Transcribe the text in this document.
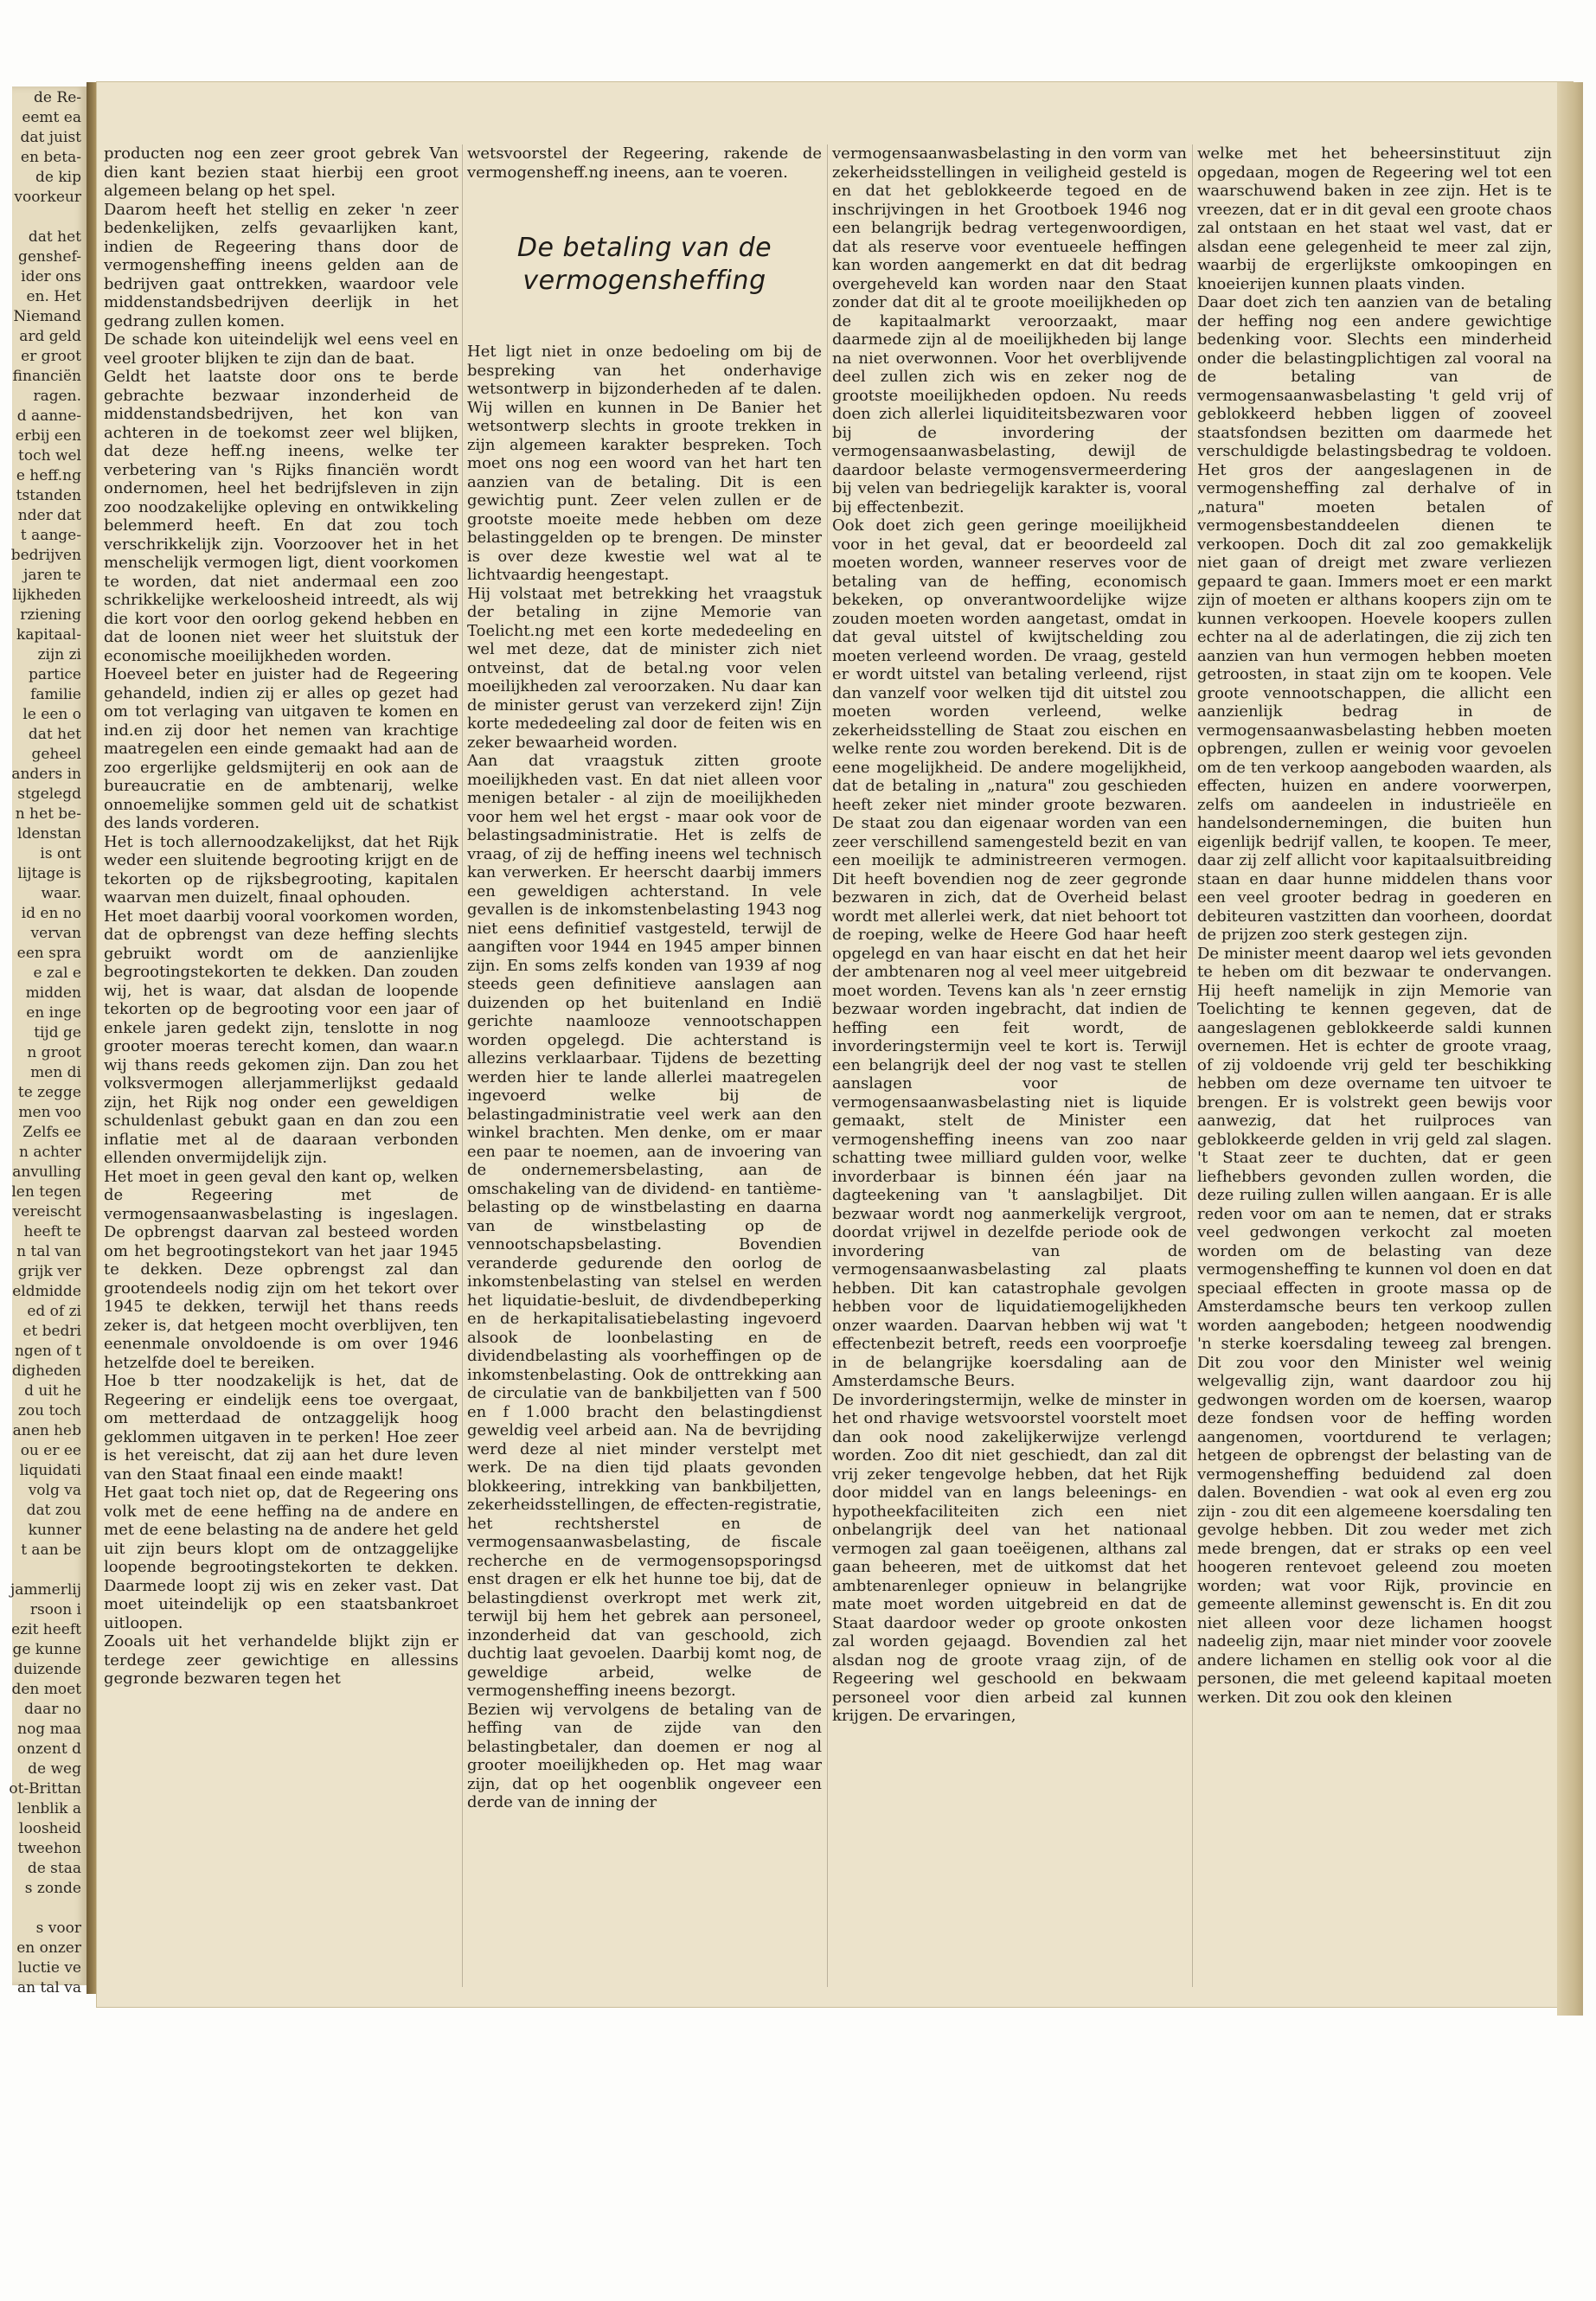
de Re-
eemt ea
dat juist
en beta-
de kip
voorkeur
dat het
genshef-
ider ons
en. Het
Niemand
ard geld
er groot
financiën
ragen.
d aanne-
erbij een
toch wel
e heff.ng
tstanden
nder dat
t aange-
bedrijven
jaren te
lijkheden
rziening
kapitaal-
zijn zi
partice
familie
le een o
dat het
geheel
anders in
stgelegd
n het be-
ldenstan
is ont
lijtage is
waar.
id en no
vervan
een spra
e zal e
midden
en inge
tijd ge
n groot
men di
te zegge
men voo
Zelfs ee
n achter
anvulling
len tegen
vereischt
heeft te
n tal van
grijk ver
eldmidde
ed of zi
et bedri
ngen of t
digheden
d uit he
zou toch
anen heb
ou er ee
liquidati
volg va
dat zou
kunner
t aan be
jammerlij
rsoon i
ezit heeft
ge kunne
duizende
den moet
daar no
nog maa
onzent d
de weg
ot-Brittan
lenblik a
loosheid
tweehon
de staa
s zonde
s voor
en onzer
luctie ve
an tal va

producten nog een zeer groot gebrek Van dien kant bezien staat hierbij een groot algemeen belang op het spel.

Daarom heeft het stellig en zeker 'n zeer bedenkelijken, zelfs gevaarlijken kant, indien de Regeering thans door de vermogensheffing ineens gelden aan de bedrijven gaat onttrekken, waardoor vele middenstandsbedrijven deerlijk in het gedrang zullen komen.

De schade kon uiteindelijk wel eens veel en veel grooter blijken te zijn dan de baat.

Geldt het laatste door ons te berde gebrachte bezwaar inzonderheid de middenstandsbedrijven, het kon van achteren in de toekomst zeer wel blijken, dat deze heff.ng ineens, welke ter verbetering van 's Rijks financiën wordt ondernomen, heel het bedrijfsleven in zijn zoo noodzakelijke opleving en ontwikkeling belemmerd heeft. En dat zou toch verschrikkelijk zijn. Voorzoover het in het menschelijk vermogen ligt, dient voorkomen te worden, dat niet andermaal een zoo schrikkelijke werkeloosheid intreedt, als wij die kort voor den oorlog gekend hebben en dat de loonen niet weer het sluitstuk der economische moeilijkheden worden.

Hoeveel beter en juister had de Regeering gehandeld, indien zij er alles op gezet had om tot verlaging van uitgaven te komen en ind.en zij door het nemen van krachtige maatregelen een einde gemaakt had aan de zoo ergerlijke geldsmijterij en ook aan de bureaucratie en de ambtenarij, welke onnoemelijke sommen geld uit de schatkist des lands vorderen.

Het is toch allernoodzakelijkst, dat het Rijk weder een sluitende begrooting krijgt en de tekorten op de rijksbegrooting, kapitalen waarvan men duizelt, finaal ophouden.

Het moet daarbij vooral voorkomen worden, dat de opbrengst van deze heffing slechts gebruikt wordt om de aanzienlijke begrootingstekorten te dekken. Dan zouden wij, het is waar, dat alsdan de loopende tekorten op de begrooting voor een jaar of enkele jaren gedekt zijn, tenslotte in nog grooter moeras terecht komen, dan waar.n wij thans reeds gekomen zijn. Dan zou het volksvermogen allerjammerlijkst gedaald zijn, het Rijk nog onder een geweldigen schuldenlast gebukt gaan en dan zou een inflatie met al de daaraan verbonden ellenden onvermijdelijk zijn.

Het moet in geen geval den kant op, welken de Regeering met de vermogensaanwasbelasting is ingeslagen. De opbrengst daarvan zal besteed worden om het begrootingstekort van het jaar 1945 te dekken. Deze opbrengst zal dan grootendeels nodig zijn om het tekort over 1945 te dekken, terwijl het thans reeds zeker is, dat hetgeen mocht overblijven, ten eenenmale onvoldoende is om over 1946 hetzelfde doel te bereiken.

Hoe b tter noodzakelijk is het, dat de Regeering er eindelijk eens toe overgaat, om metterdaad de ontzaggelijk hoog geklommen uitgaven in te perken! Hoe zeer is het vereischt, dat zij aan het dure leven van den Staat finaal een einde maakt!

Het gaat toch niet op, dat de Regeering ons volk met de eene heffing na de andere en met de eene belasting na de andere het geld uit zijn beurs klopt om de ontzaggelijke loopende begrootingstekorten te dekken. Daarmede loopt zij wis en zeker vast. Dat moet uiteindelijk op een staatsbankroet uitloopen.

Zooals uit het verhandelde blijkt zijn er terdege zeer gewichtige en allessins gegronde bezwaren tegen het

wetsvoorstel der Regeering, rakende de vermogensheff.ng ineens, aan te voeren.

De betaling van de vermogensheffing

Het ligt niet in onze bedoeling om bij de bespreking van het onderhavige wetsontwerp in bijzonderheden af te dalen. Wij willen en kunnen in De Banier het wetsontwerp slechts in groote trekken in zijn algemeen karakter bespreken. Toch moet ons nog een woord van het hart ten aanzien van de betaling. Dit is een gewichtig punt. Zeer velen zullen er de grootste moeite mede hebben om deze belastinggelden op te brengen. De minster is over deze kwestie wel wat al te lichtvaardig heengestapt.

Hij volstaat met betrekking het vraagstuk der betaling in zijne Memorie van Toelicht.ng met een korte mededeeling en wel met deze, dat de minister zich niet ontveinst, dat de betal.ng voor velen moeilijkheden zal veroorzaken. Nu daar kan de minister gerust van verzekerd zijn! Zijn korte mededeeling zal door de feiten wis en zeker bewaarheid worden.

Aan dat vraagstuk zitten groote moeilijkheden vast. En dat niet alleen voor menigen betaler - al zijn de moeilijkheden voor hem wel het ergst - maar ook voor de belastingsadministratie. Het is zelfs de vraag, of zij de heffing ineens wel technisch kan verwerken. Er heerscht daarbij immers een geweldigen achterstand. In vele gevallen is de inkomstenbelasting 1943 nog niet eens definitief vastgesteld, terwijl de aangiften voor 1944 en 1945 amper binnen zijn. En soms zelfs konden van 1939 af nog steeds geen definitieve aanslagen aan duizenden op het buitenland en Indië gerichte naamlooze vennootschappen worden opgelegd. Die achterstand is allezins verklaarbaar. Tijdens de bezetting werden hier te lande allerlei maatregelen ingevoerd welke bij de belastingadministratie veel werk aan den winkel brachten. Men denke, om er maar een paar te noemen, aan de invoering van de ondernemersbelasting, aan de omschakeling van de dividend- en tantième-belasting op de winstbelasting en daarna van de winstbelasting op de vennootschapsbelasting. Bovendien veranderde gedurende den oorlog de inkomstenbelasting van stelsel en werden het liquidatie-besluit, de divdendbeperking en de herkapitalisatiebelasting ingevoerd alsook de loonbelasting en de dividendbelasting als voorheffingen op de inkomstenbelasting. Ook de onttrekking aan de circulatie van de bankbiljetten van f 500 en f 1.000 bracht den belastingdienst geweldig veel arbeid aan. Na de bevrijding werd deze al niet minder verstelpt met werk. De na dien tijd plaats gevonden blokkeering, intrekking van bankbiljetten, zekerheidsstellingen, de effecten-registratie, het rechtsherstel en de vermogensaanwasbelasting, de fiscale recherche en de vermogensopsporingsd enst dragen er elk het hunne toe bij, dat de belastingdienst overkropt met werk zit, terwijl bij hem het gebrek aan personeel, inzonderheid dat van geschoold, zich duchtig laat gevoelen. Daarbij komt nog, de geweldige arbeid, welke de vermogensheffing ineens bezorgt.

Bezien wij vervolgens de betaling van de heffing van de zijde van den belastingbetaler, dan doemen er nog al grooter moeilijkheden op. Het mag waar zijn, dat op het oogenblik ongeveer een derde van de inning der

vermogensaanwasbelasting in den vorm van zekerheidsstellingen in veiligheid gesteld is en dat het geblokkeerde tegoed en de inschrijvingen in het Grootboek 1946 nog een belangrijk bedrag vertegenwoordigen, dat als reserve voor eventueele heffingen kan worden aangemerkt en dat dit bedrag overgeheveld kan worden naar den Staat zonder dat dit al te groote moeilijkheden op de kapitaalmarkt veroorzaakt, maar daarmede zijn al de moeilijkheden bij lange na niet overwonnen. Voor het overblijvende deel zullen zich wis en zeker nog de grootste moeilijkheden opdoen. Nu reeds doen zich allerlei liquiditeitsbezwaren voor bij de invordering der vermogensaanwasbelasting, dewijl de daardoor belaste vermogensvermeerdering bij velen van bedriegelijk karakter is, vooral bij effectenbezit.

Ook doet zich geen geringe moeilijkheid voor in het geval, dat er beoordeeld zal moeten worden, wanneer reserves voor de betaling van de heffing, economisch bekeken, op onverantwoordelijke wijze zouden moeten worden aangetast, omdat in dat geval uitstel of kwijtschelding zou moeten verleend worden. De vraag, gesteld er wordt uitstel van betaling verleend, rijst dan vanzelf voor welken tijd dit uitstel zou moeten worden verleend, welke zekerheidsstelling de Staat zou eischen en welke rente zou worden berekend. Dit is de eene mogelijkheid. De andere mogelijkheid, dat de betaling in „natura" zou geschieden heeft zeker niet minder groote bezwaren. De staat zou dan eigenaar worden van een zeer verschillend samengesteld bezit en van een moeilijk te administreeren vermogen. Dit heeft bovendien nog de zeer gegronde bezwaren in zich, dat de Overheid belast wordt met allerlei werk, dat niet behoort tot de roeping, welke de Heere God haar heeft opgelegd en van haar eischt en dat het heir der ambtenaren nog al veel meer uitgebreid moet worden. Tevens kan als 'n zeer ernstig bezwaar worden ingebracht, dat indien de heffing een feit wordt, de invorderingstermijn veel te kort is. Terwijl een belangrijk deel der nog vast te stellen aanslagen voor de vermogensaanwasbelasting niet is liquide gemaakt, stelt de Minister een vermogensheffing ineens van zoo naar schatting twee milliard gulden voor, welke invorderbaar is binnen één jaar na dagteekening van 't aanslagbiljet. Dit bezwaar wordt nog aanmerkelijk vergroot, doordat vrijwel in dezelfde periode ook de invordering van de vermogensaanwasbelasting zal plaats hebben. Dit kan catastrophale gevolgen hebben voor de liquidatiemogelijkheden onzer waarden. Daarvan hebben wij wat 't effectenbezit betreft, reeds een voorproefje in de belangrijke koersdaling aan de Amsterdamsche Beurs.

De invorderingstermijn, welke de minster in het ond rhavige wetsvoorstel voorstelt moet dan ook nood zakelijkerwijze verlengd worden. Zoo dit niet geschiedt, dan zal dit vrij zeker tengevolge hebben, dat het Rijk door middel van en langs beleenings- en hypotheekfaciliteiten zich een niet onbelangrijk deel van het nationaal vermogen zal gaan toeëigenen, althans zal gaan beheeren, met de uitkomst dat het ambtenarenleger opnieuw in belangrijke mate moet worden uitgebreid en dat de Staat daardoor weder op groote onkosten zal worden gejaagd. Bovendien zal het alsdan nog de groote vraag zijn, of de Regeering wel geschoold en bekwaam personeel voor dien arbeid zal kunnen krijgen. De ervaringen,

welke met het beheersinstituut zijn opgedaan, mogen de Regeering wel tot een waarschuwend baken in zee zijn. Het is te vreezen, dat er in dit geval een groote chaos zal ontstaan en het staat wel vast, dat er alsdan eene gelegenheid te meer zal zijn, waarbij de ergerlijkste omkoopingen en knoeierijen kunnen plaats vinden.

Daar doet zich ten aanzien van de betaling der heffing nog een andere gewichtige bedenking voor. Slechts een minderheid onder die belastingplichtigen zal vooral na de betaling van de vermogensaanwasbelasting 't geld vrij of geblokkeerd hebben liggen of zooveel staatsfondsen bezitten om daarmede het verschuldigde belastingsbedrag te voldoen. Het gros der aangeslagenen in de vermogensheffing zal derhalve of in „natura" moeten betalen of vermogensbestanddeelen dienen te verkoopen. Doch dit zal zoo gemakkelijk niet gaan of dreigt met zware verliezen gepaard te gaan. Immers moet er een markt zijn of moeten er althans koopers zijn om te kunnen verkoopen. Hoevele koopers zullen echter na al de aderlatingen, die zij zich ten aanzien van hun vermogen hebben moeten getroosten, in staat zijn om te koopen. Vele groote vennootschappen, die allicht een aanzienlijk bedrag in de vermogensaanwasbelasting hebben moeten opbrengen, zullen er weinig voor gevoelen om de ten verkoop aangeboden waarden, als effecten, huizen en andere voorwerpen, zelfs om aandeelen in industrieële en handelsondernemingen, die buiten hun eigenlijk bedrijf vallen, te koopen. Te meer, daar zij zelf allicht voor kapitaalsuitbreiding staan en daar hunne middelen thans voor een veel grooter bedrag in goederen en debiteuren vastzitten dan voorheen, doordat de prijzen zoo sterk gestegen zijn.

De minister meent daarop wel iets gevonden te heben om dit bezwaar te ondervangen. Hij heeft namelijk in zijn Memorie van Toelichting te kennen gegeven, dat de aangeslagenen geblokkeerde saldi kunnen overnemen. Het is echter de groote vraag, of zij voldoende vrij geld ter beschikking hebben om deze overname ten uitvoer te brengen. Er is volstrekt geen bewijs voor aanwezig, dat het ruilproces van geblokkeerde gelden in vrij geld zal slagen. 't Staat zeer te duchten, dat er geen liefhebbers gevonden zullen worden, die deze ruiling zullen willen aangaan. Er is alle reden voor om aan te nemen, dat er straks veel gedwongen verkocht zal moeten worden om de belasting van deze vermogensheffing te kunnen vol doen en dat speciaal effecten in groote massa op de Amsterdamsche beurs ten verkoop zullen worden aangeboden; hetgeen noodwendig 'n sterke koersdaling teweeg zal brengen. Dit zou voor den Minister wel weinig welgevallig zijn, want daardoor zou hij gedwongen worden om de koersen, waarop deze fondsen voor de heffing worden aangenomen, voortdurend te verlagen; hetgeen de opbrengst der belasting van de vermogensheffing beduidend zal doen dalen. Bovendien - wat ook al even erg zou zijn - zou dit een algemeene koersdaling ten gevolge hebben. Dit zou weder met zich mede brengen, dat er straks op een veel hoogeren rentevoet geleend zou moeten worden; wat voor Rijk, provincie en gemeente alleminst gewenscht is. En dit zou niet alleen voor deze lichamen hoogst nadeelig zijn, maar niet minder voor zoovele andere lichamen en stellig ook voor al die personen, die met geleend kapitaal moeten werken. Dit zou ook den kleinen
